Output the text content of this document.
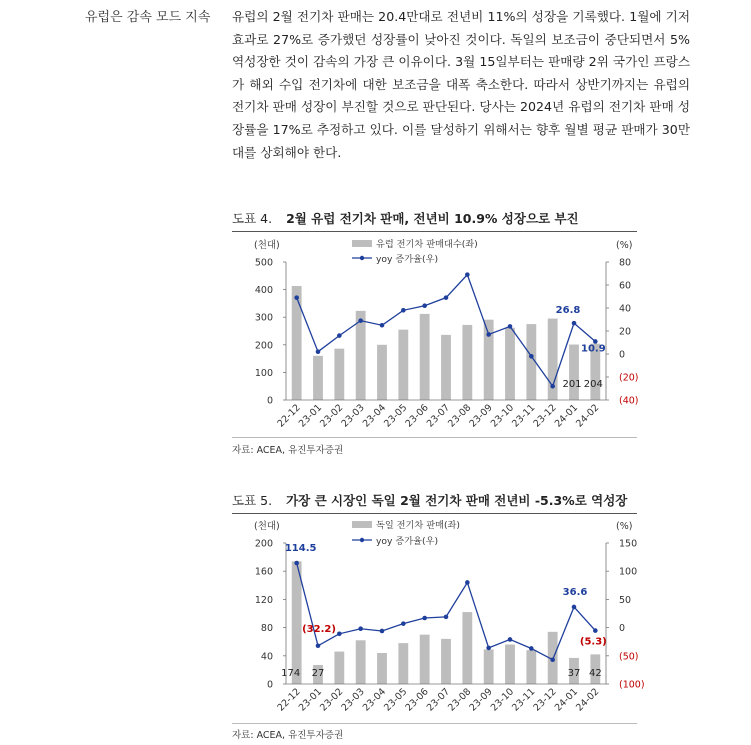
유럽은 감속 모드 지속 유럽의 2월 전기차 판매는 20.4만대로 전년비 11%의 성장을 기록했다. 1월에 기저효과로 27%로 증가했던 성장률이 낮아진 것이다. 독일의 보조금이 중단되면서 5% 역성장한 것이 감속의 가장 큰 이유이다. 3월 15일부터는 판매량 2위 국가인 프랑스가 해외 수입 전기차에 대한 보조금을 대폭 축소한다. 따라서 상반기까지는 유럽의 전기차 판매 성장이 부진할 것으로 판단된다. 당사는 2024년 유럽의 전기차 판매 성장률을 17%로 추정하고 있다. 이를 달성하기 위해서는 향후 월별 평균 판매가 30만대를 상회해야 한다.
도표 4. 2월 유럽 전기차 판매, 전년비 10.9% 성장으로 부진
(천대)	(%)
유럽 전기차 판매대수(좌)
yoy 증가율(우)
500
400
300
200
100
0
80
60
40
20
0
(20)
(40)
22-12
23-01
23-02
23-03
23-04
23-05
23-06
23-07
23-08
23-09
23-10
23-11
23-12
24-01
24-02
201 204
26.8
10.9
자료: ACEA, 유진투자증권
도표 5. 가장 큰 시장인 독일 2월 전기차 판매 전년비 -5.3%로 역성장
(천대)	(%)
독일 전기차 판매(좌)
yoy 증가율(우)
200
160
120
80
40
0
150
100
50
0
(50)
(100)
22-12
23-01
23-02
23-03
23-04
23-05
23-06
23-07
23-08
23-09
23-10
23-11
23-12
24-01
24-02
174 27	37 42
114.5
(32.2)
36.6
(5.3)
자료: ACEA, 유진투자증권
